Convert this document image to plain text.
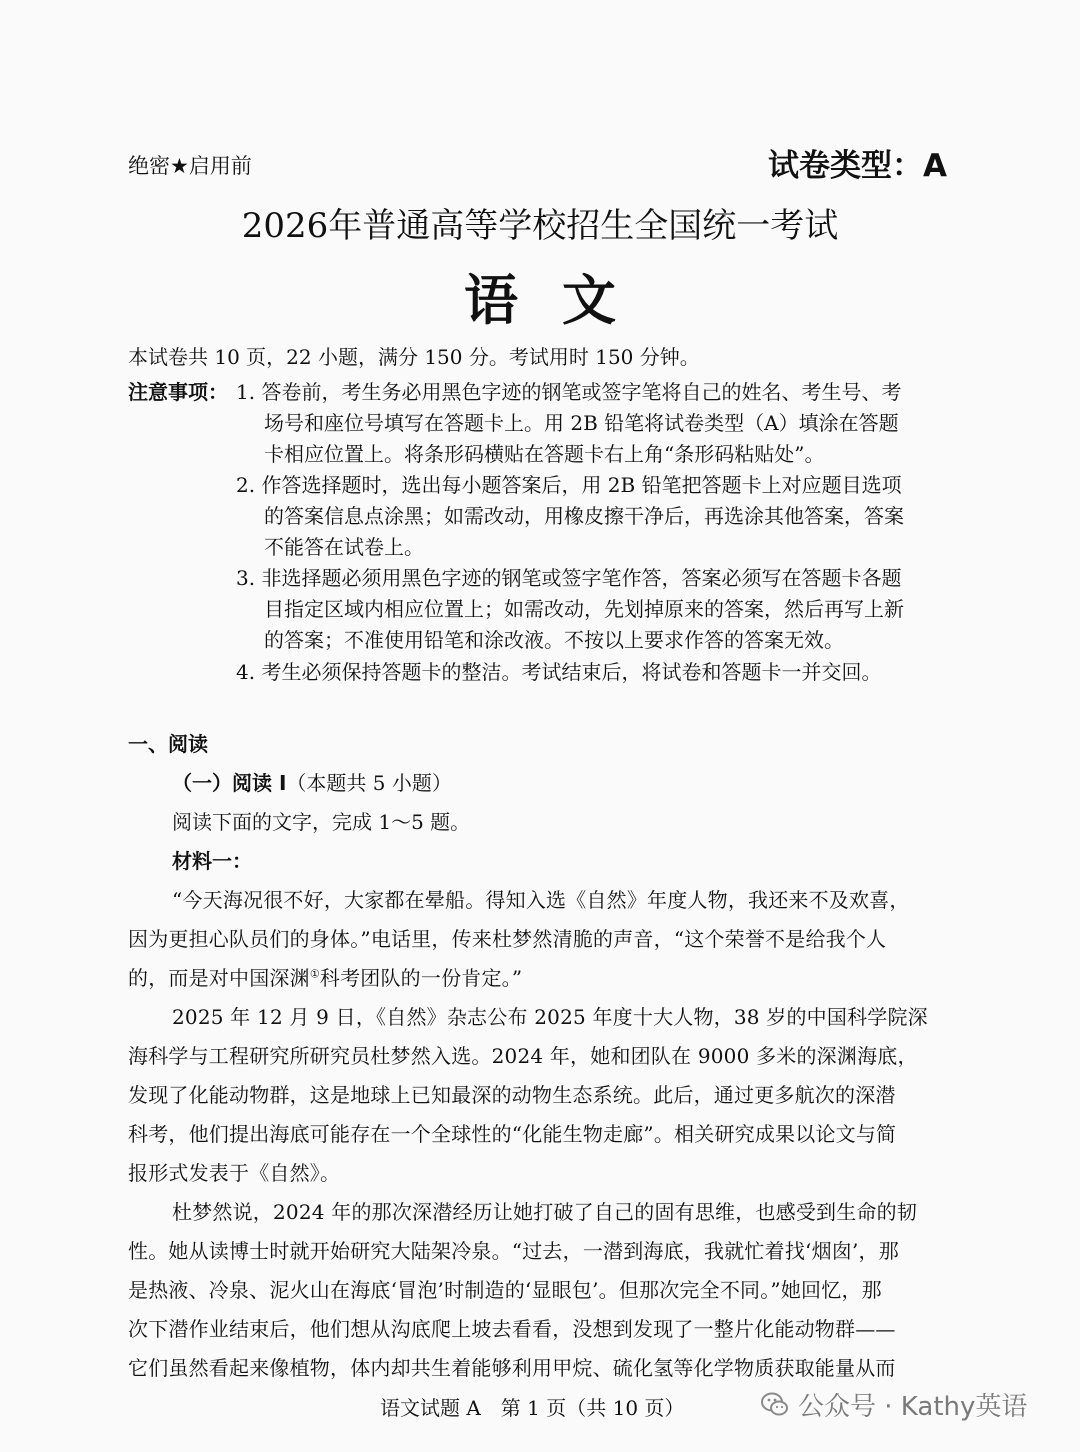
绝密★启用前	试卷类型：A
2026年普通高等学校招生全国统一考试
语文
本试卷共 10 页，22 小题，满分 150 分。考试用时 150 分钟。
注意事项： 1. 答卷前，考生务必用黑色字迹的钢笔或签字笔将自己的姓名、考生号、考
场号和座位号填写在答题卡上。用 2B 铅笔将试卷类型（A）填涂在答题
卡相应位置上。将条形码横贴在答题卡右上角“条形码粘贴处”。
2. 作答选择题时，选出每小题答案后，用 2B 铅笔把答题卡上对应题目选项
的答案信息点涂黑；如需改动，用橡皮擦干净后，再选涂其他答案，答案
不能答在试卷上。
3. 非选择题必须用黑色字迹的钢笔或签字笔作答，答案必须写在答题卡各题
目指定区域内相应位置上；如需改动，先划掉原来的答案，然后再写上新
的答案；不准使用铅笔和涂改液。不按以上要求作答的答案无效。
4. 考生必须保持答题卡的整洁。考试结束后，将试卷和答题卡一并交回。
一、阅读
（一）阅读 I（本题共 5 小题）
阅读下面的文字，完成 1～5 题。
材料一：
“今天海况很不好，大家都在晕船。得知入选《自然》年度人物，我还来不及欢喜，
因为更担心队员们的身体。”电话里，传来杜梦然清脆的声音，“这个荣誉不是给我个人
的，而是对中国深渊①科考团队的一份肯定。”
2025 年 12 月 9 日，《自然》杂志公布 2025 年度十大人物，38 岁的中国科学院深
海科学与工程研究所研究员杜梦然入选。2024 年，她和团队在 9000 多米的深渊海底，
发现了化能动物群，这是地球上已知最深的动物生态系统。此后，通过更多航次的深潜
科考，他们提出海底可能存在一个全球性的“化能生物走廊”。相关研究成果以论文与简
报形式发表于《自然》。
杜梦然说，2024 年的那次深潜经历让她打破了自己的固有思维，也感受到生命的韧
性。她从读博士时就开始研究大陆架冷泉。“过去，一潜到海底，我就忙着找‘烟囱’，那
是热液、冷泉、泥火山在海底‘冒泡’时制造的‘显眼包’。但那次完全不同。”她回忆，那
次下潜作业结束后，他们想从沟底爬上坡去看看，没想到发现了一整片化能动物群——
它们虽然看起来像植物，体内却共生着能够利用甲烷、硫化氢等化学物质获取能量从而
语文试题 A　第 1 页（共 10 页）	公众号 · Kathy英语
